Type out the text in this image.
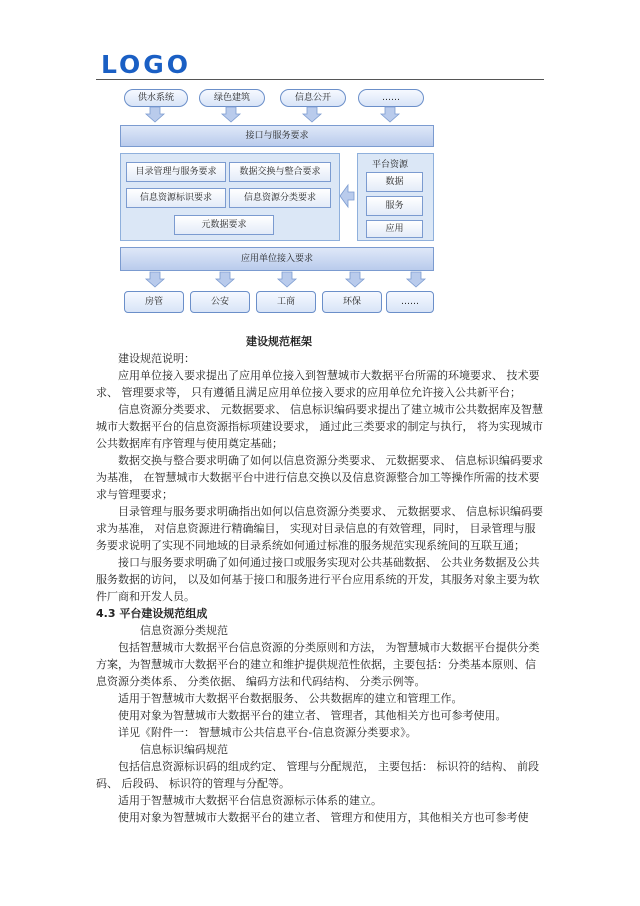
LOGO
供水系统	绿色建筑	信息公开	……
接口与服务要求
目录管理与服务要求	数据交换与整合要求
信息资源标识要求	信息资源分类要求
元数据要求
平台资源
数据
服务
应用
应用单位接入要求
房管	公安	工商	环保	……
建设规范框架

建设规范说明：

应用单位接入要求提出了应用单位接入到智慧城市大数据平台所需的环境要求、 技术要求、 管理要求等， 只有遵循且满足应用单位接入要求的应用单位允许接入公共新平台；

信息资源分类要求、 元数据要求、 信息标识编码要求提出了建立城市公共数据库及智慧城市大数据平台的信息资源指标项建设要求， 通过此三类要求的制定与执行， 将为实现城市公共数据库有序管理与使用奠定基础；

数据交换与整合要求明确了如何以信息资源分类要求、 元数据要求、 信息标识编码要求为基准， 在智慧城市大数据平台中进行信息交换以及信息资源整合加工等操作所需的技术要求与管理要求；

目录管理与服务要求明确指出如何以信息资源分类要求、 元数据要求、 信息标识编码要求为基准， 对信息资源进行精确编目， 实现对目录信息的有效管理，同时， 目录管理与服务要求说明了实现不同地域的目录系统如何通过标准的服务规范实现系统间的互联互通；

接口与服务要求明确了如何通过接口或服务实现对公共基础数据、 公共业务数据及公共服务数据的访问， 以及如何基于接口和服务进行平台应用系统的开发，其服务对象主要为软件厂商和开发人员。

4.3 平台建设规范组成

信息资源分类规范

包括智慧城市大数据平台信息资源的分类原则和方法， 为智慧城市大数据平台提供分类方案，为智慧城市大数据平台的建立和维护提供规范性依据，主要包括：分类基本原则、信息资源分类体系、 分类依据、 编码方法和代码结构、 分类示例等。

适用于智慧城市大数据平台数据服务、 公共数据库的建立和管理工作。

使用对象为智慧城市大数据平台的建立者、 管理者，其他相关方也可参考使用。

详见《附件一： 智慧城市公共信息平台-信息资源分类要求》。

信息标识编码规范

包括信息资源标识码的组成约定、 管理与分配规范， 主要包括： 标识符的结构、 前段码、 后段码、 标识符的管理与分配等。

适用于智慧城市大数据平台信息资源标示体系的建立。

使用对象为智慧城市大数据平台的建立者、 管理方和使用方，其他相关方也可参考使
